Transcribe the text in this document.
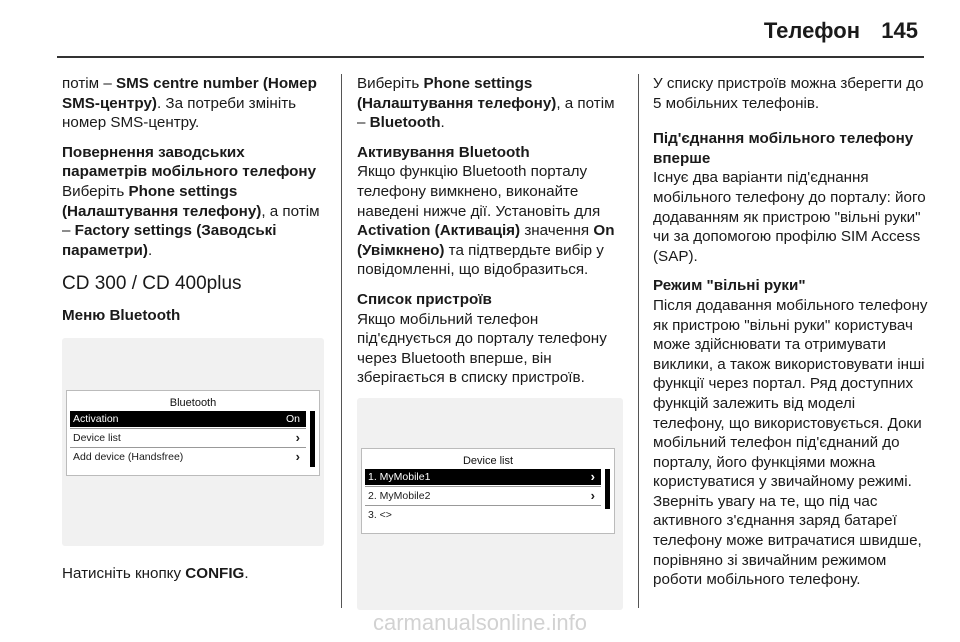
Телефон 145

потім – SMS centre number (Номер SMS-центру). За потреби змініть номер SMS-центру.

Повернення заводських параметрів мобільного телефону

Виберіть Phone settings (Налаштування телефону), а потім – Factory settings (Заводські параметри).

CD 300 / CD 400plus
Меню Bluetooth
Bluetooth
Activation	On
Device list	›
Add device (Handsfree)	›

Натисніть кнопку CONFIG.

Виберіть Phone settings (Налаштування телефону), а потім – Bluetooth.

Активування Bluetooth

Якщо функцію Bluetooth порталу телефону вимкнено, виконайте наведені нижче дії. Установіть для Activation (Активація) значення On (Увімкнено) та підтвердьте вибір у повідомленні, що відобразиться.

Список пристроїв

Якщо мобільний телефон під'єднується до порталу телефону через Bluetooth вперше, він зберігається в списку пристроїв.

Device list
1. MyMobile1	›
2. MyMobile2	›
3. <>

У списку пристроїв можна зберегти до 5 мобільних телефонів.

Під'єднання мобільного телефону вперше

Існує два варіанти під'єднання мобільного телефону до порталу: його додаванням як пристрою "вільні руки" чи за допомогою профілю SIM Access (SAP).

Режим "вільні руки"

Після додавання мобільного телефону як пристрою "вільні руки" користувач може здійснювати та отримувати виклики, а також використовувати інші функції через портал. Ряд доступних функцій залежить від моделі телефону, що використовується. Доки мобільний телефон під'єднаний до порталу, його функціями можна користуватися у звичайному режимі. Зверніть увагу на те, що під час активного з'єднання заряд батареї телефону може витрачатися швидше, порівняно зі звичайним режимом роботи мобільного телефону.

carmanualsonline.info
